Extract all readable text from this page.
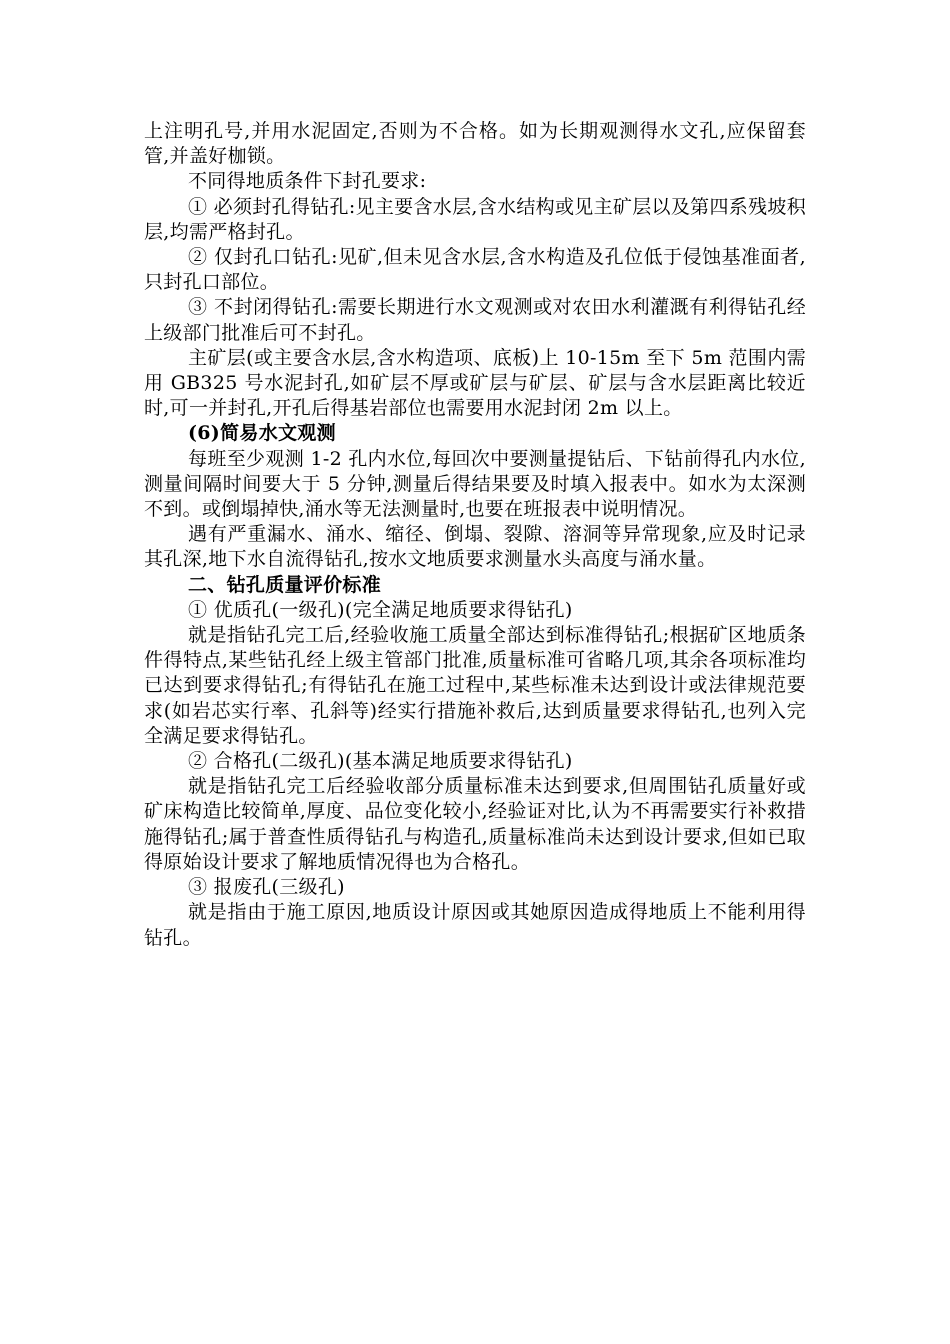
上注明孔号,并用水泥固定,否则为不合格。如为长期观测得水文孔,应保留套管,并盖好枷锁。

不同得地质条件下封孔要求:

① 必须封孔得钻孔:见主要含水层,含水结构或见主矿层以及第四系残坡积层,均需严格封孔。

② 仅封孔口钻孔:见矿,但未见含水层,含水构造及孔位低于侵蚀基准面者,只封孔口部位。

③ 不封闭得钻孔:需要长期进行水文观测或对农田水利灌溉有利得钻孔经上级部门批准后可不封孔。

主矿层(或主要含水层,含水构造项、底板)上 10-15m 至下 5m 范围内需用 GB325 号水泥封孔,如矿层不厚或矿层与矿层、矿层与含水层距离比较近时,可一并封孔,开孔后得基岩部位也需要用水泥封闭 2m 以上。

(6)简易水文观测

每班至少观测 1-2 孔内水位,每回次中要测量提钻后、下钻前得孔内水位,测量间隔时间要大于 5 分钟,测量后得结果要及时填入报表中。如水为太深测不到。或倒塌掉快,涌水等无法测量时,也要在班报表中说明情况。

遇有严重漏水、涌水、缩径、倒塌、裂隙、溶洞等异常现象,应及时记录其孔深,地下水自流得钻孔,按水文地质要求测量水头高度与涌水量。

二、钻孔质量评价标准

① 优质孔(一级孔)(完全满足地质要求得钻孔)

就是指钻孔完工后,经验收施工质量全部达到标准得钻孔;根据矿区地质条件得特点,某些钻孔经上级主管部门批准,质量标准可省略几项,其余各项标准均已达到要求得钻孔;有得钻孔在施工过程中,某些标准未达到设计或法律规范要求(如岩芯实行率、孔斜等)经实行措施补救后,达到质量要求得钻孔,也列入完全满足要求得钻孔。

② 合格孔(二级孔)(基本满足地质要求得钻孔)

就是指钻孔完工后经验收部分质量标准未达到要求,但周围钻孔质量好或矿床构造比较简单,厚度、品位变化较小,经验证对比,认为不再需要实行补救措施得钻孔;属于普查性质得钻孔与构造孔,质量标准尚未达到设计要求,但如已取得原始设计要求了解地质情况得也为合格孔。

③ 报废孔(三级孔)

就是指由于施工原因,地质设计原因或其她原因造成得地质上不能利用得钻孔。
